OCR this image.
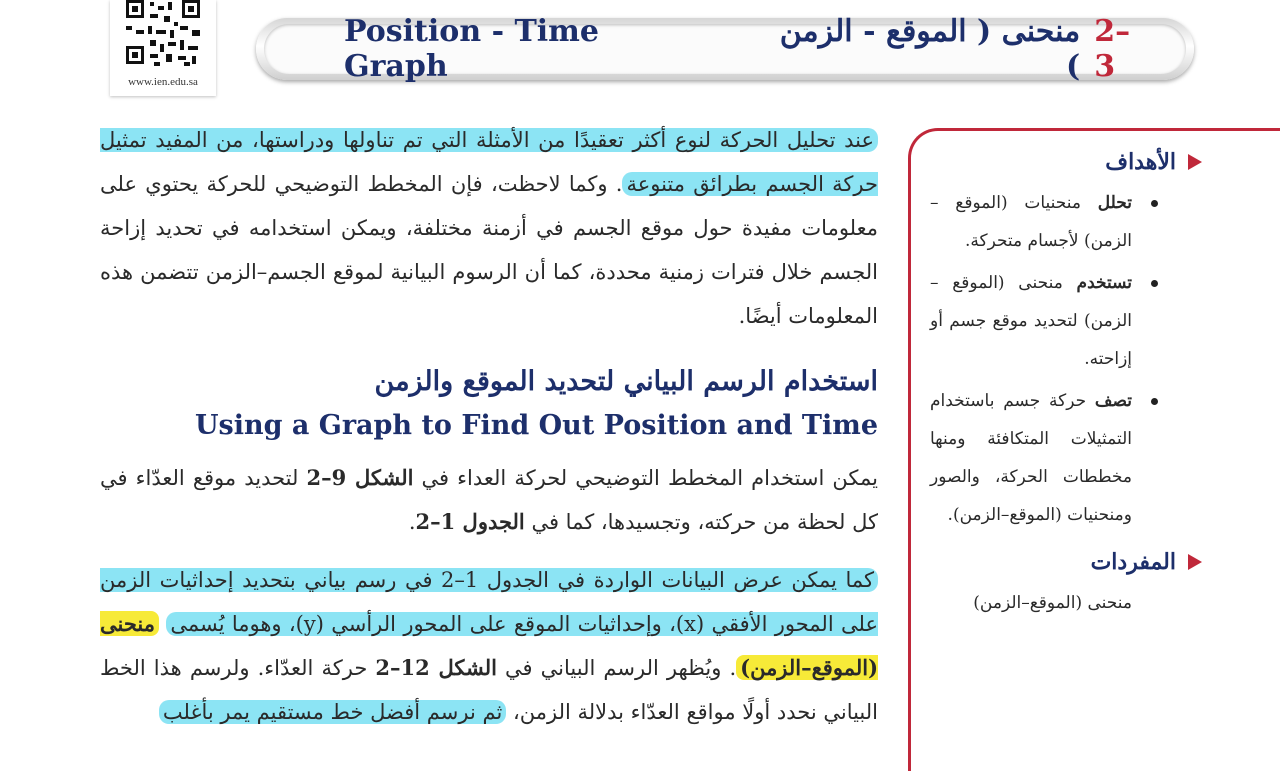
www.ien.edu.sa
Position - Time Graph
منحنى ( الموقع - الزمن )
2–3

عند تحليل الحركة لنوع أكثر تعقيدًا من الأمثلة التي تم تناولها ودراستها، من المفيد تمثيل حركة الجسم بطرائق متنوعة. وكما لاحظت، فإن المخطط التوضيحي للحركة يحتوي على معلومات مفيدة حول موقع الجسم في أزمنة مختلفة، ويمكن استخدامه في تحديد إزاحة الجسم خلال فترات زمنية محددة، كما أن الرسوم البيانية لموقع الجسم–الزمن تتضمن هذه المعلومات أيضًا.

استخدام الرسم البياني لتحديد الموقع والزمن
Using a Graph to Find Out Position and Time

يمكن استخدام المخطط التوضيحي لحركة العداء في الشكل 9–2 لتحديد موقع العدّاء في كل لحظة من حركته، وتجسيدها، كما في الجدول 1–2.

كما يمكن عرض البيانات الواردة في الجدول 1–2 في رسم بياني بتحديد إحداثيات الزمن على المحور الأفقي (x)، وإحداثيات الموقع على المحور الرأسي (y)، وهوما يُسمى منحنى (الموقع–الزمن). ويُظهر الرسم البياني في الشكل 12–2 حركة العدّاء. ولرسم هذا الخط البياني نحدد أولًا مواقع العدّاء بدلالة الزمن، ثم نرسم أفضل خط مستقيم يمر بأغلب

الأهداف

تحلل منحنيات (الموقع – الزمن) لأجسام متحركة.

تستخدم منحنى (الموقع – الزمن) لتحديد موقع جسم أو إزاحته.

تصف حركة جسم باستخدام التمثيلات المتكافئة ومنها مخططات الحركة، والصور ومنحنيات (الموقع–الزمن).

المفردات

منحنى (الموقع–الزمن)
